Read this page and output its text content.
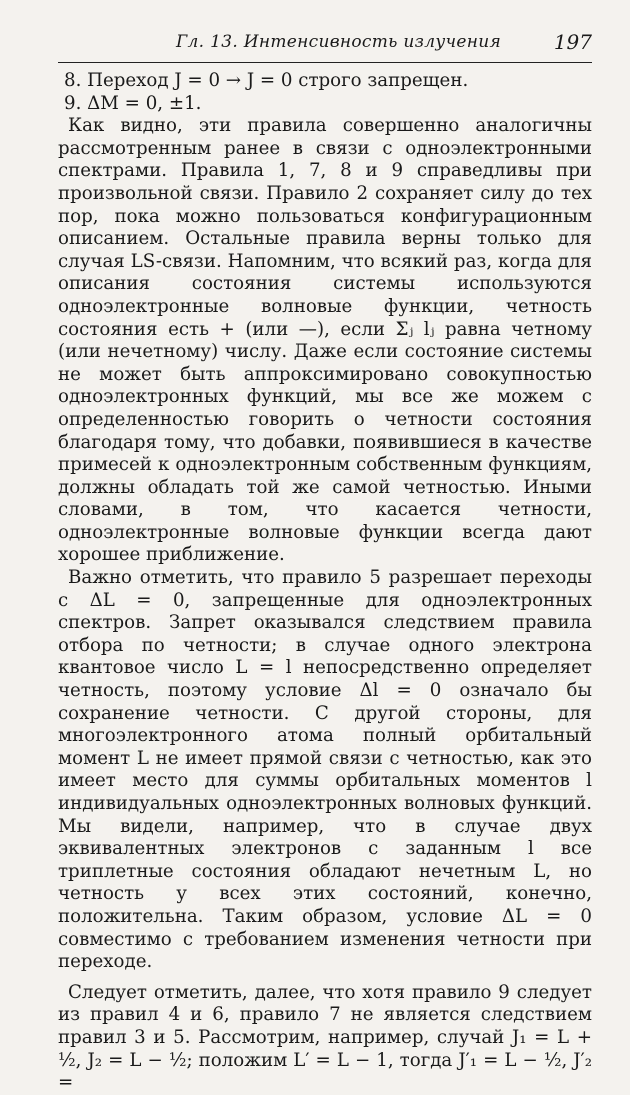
Гл. 13. Интенсивность излучения	197

8. Переход J = 0 → J = 0 строго запрещен.

9. ΔM = 0, ±1.

Как видно, эти правила совершенно аналогичны рассмотренным ранее в связи с одноэлектронными спектрами. Правила 1, 7, 8 и 9 справедливы при произвольной связи. Правило 2 сохраняет силу до тех пор, пока можно пользоваться конфигурационным описанием. Остальные правила верны только для случая LS-связи. Напомним, что всякий раз, когда для описания состояния системы используются одноэлектронные волновые функции, четность состояния есть + (или —), если Σⱼ lⱼ равна четному (или нечетному) числу. Даже если состояние системы не может быть аппроксимировано совокупностью одноэлектронных функций, мы все же можем с определенностью говорить о четности состояния благодаря тому, что добавки, появившиеся в качестве примесей к одноэлектронным собственным функциям, должны обладать той же самой четностью. Иными словами, в том, что касается четности, одноэлектронные волновые функции всегда дают хорошее приближение.

Важно отметить, что правило 5 разрешает переходы с ΔL = 0, запрещенные для одноэлектронных спектров. Запрет оказывался следствием правила отбора по четности; в случае одного электрона квантовое число L = l непосредственно определяет четность, поэтому условие Δl = 0 означало бы сохранение четности. С другой стороны, для многоэлектронного атома полный орбитальный момент L не имеет прямой связи с четностью, как это имеет место для суммы орбитальных моментов l индивидуальных одноэлектронных волновых функций. Мы видели, например, что в случае двух эквивалентных электронов с заданным l все триплетные состояния обладают нечетным L, но четность у всех этих состояний, конечно, положительна. Таким образом, условие ΔL = 0 совместимо с требованием изменения четности при переходе.

Следует отметить, далее, что хотя правило 9 следует из правил 4 и 6, правило 7 не является следствием правил 3 и 5. Рассмотрим, например, случай J₁ = L + ½, J₂ = L − ½; положим L′ = L − 1, тогда J′₁ = L − ½, J′₂ =
